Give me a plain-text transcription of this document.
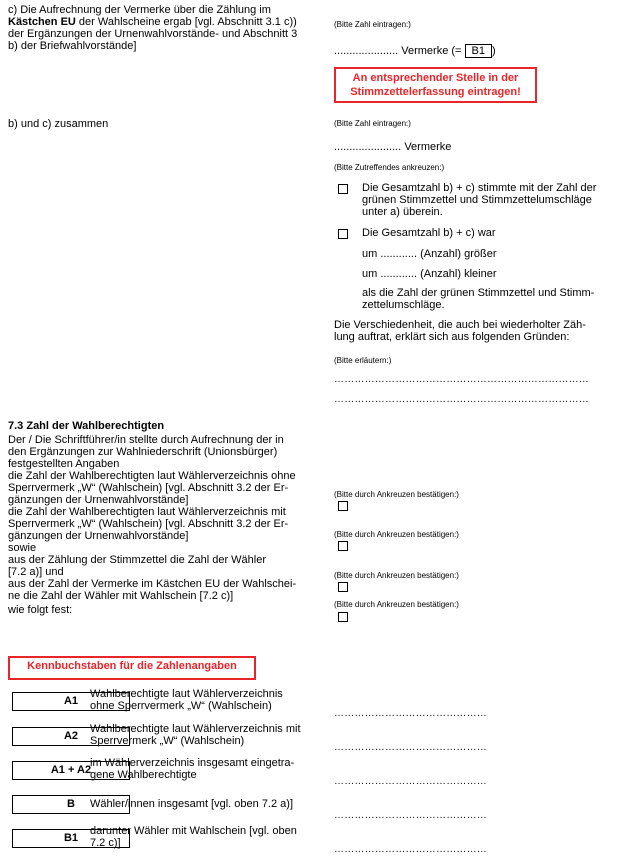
c) Die Aufrechnung der Vermerke über die Zählung im
Kästchen EU der Wahlscheine ergab [vgl. Abschnitt 3.1 c))
der Ergänzungen der Urnenwahlvorstände- und Abschnitt 3
b) der Briefwahlvorstände]
(Bitte Zahl eintragen:)
..................... Vermerke (= B1 )
An entsprechender Stelle in der
Stimmzettelerfassung eintragen!
b) und c) zusammen	(Bitte Zahl eintragen:)
...................... Vermerke
(Bitte Zutreffendes ankreuzen:)
Die Gesamtzahl b) + c) stimmte mit der Zahl der
grünen Stimmzettel und Stimmzettelumschläge
unter a) überein.
Die Gesamtzahl b) + c) war
um ............ (Anzahl) größer
um ............ (Anzahl) kleiner
als die Zahl der grünen Stimmzettel und Stimm-
zettelumschläge.
Die Verschiedenheit, die auch bei wiederholter Zäh-
lung auftrat, erklärt sich aus folgenden Gründen:
(Bitte erläutern:)
…………………………………………………………………
…………………………………………………………………
7.3 Zahl der Wahlberechtigten
Der / Die Schriftführer/in stellte durch Aufrechnung der in
den Ergänzungen zur Wahlniederschrift (Unionsbürger)
festgestellten Angaben
die Zahl der Wahlberechtigten laut Wählerverzeichnis ohne
Sperrvermerk „W“ (Wahlschein) [vgl. Abschnitt 3.2 der Er-
gänzungen der Urnenwahlvorstände]
die Zahl der Wahlberechtigten laut Wählerverzeichnis mit
Sperrvermerk „W“ (Wahlschein) [vgl. Abschnitt 3.2 der Er-
gänzungen der Urnenwahlvorstände]
sowie
aus der Zählung der Stimmzettel die Zahl der Wähler
[7.2 a)] und
aus der Zahl der Vermerke im Kästchen EU der Wahlschei-
ne die Zahl der Wähler mit Wahlschein [7.2 c)]
wie folgt fest:
(Bitte durch Ankreuzen bestätigen:)
(Bitte durch Ankreuzen bestätigen:)
(Bitte durch Ankreuzen bestätigen:)
(Bitte durch Ankreuzen bestätigen:)
Kennbuchstaben für die Zahlenangaben
A1
Wahlberechtigte laut Wählerverzeichnis
ohne Sperrvermerk „W“ (Wahlschein)
………………………………………
A2
Wahlberechtigte laut Wählerverzeichnis mit
Sperrvermerk „W“ (Wahlschein)
………………………………………
A1 + A2
im Wählerverzeichnis insgesamt eingetra-
gene Wahlberechtigte
………………………………………
B	Wähler/innen insgesamt [vgl. oben 7.2 a)]
………………………………………
B1
darunter Wähler mit Wahlschein [vgl. oben
7.2 c)]
………………………………………
